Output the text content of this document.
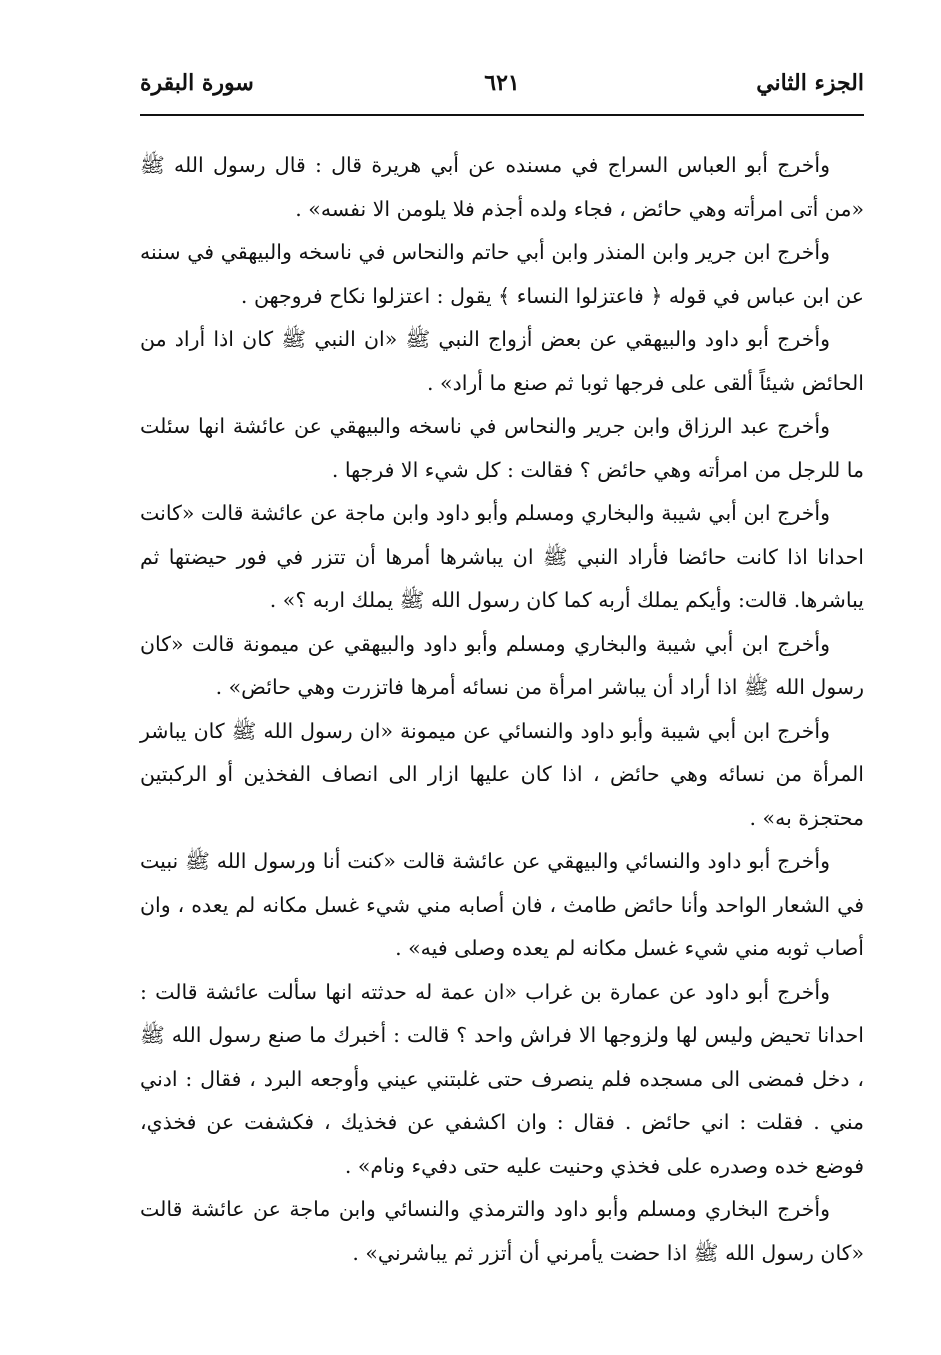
الجزء الثاني
٦٢١
سورة البقرة

وأخرج أبو العباس السراج في مسنده عن أبي هريرة قال : قال رسول الله ﷺ «من أتى امرأته وهي حائض ، فجاء ولده أجذم فلا يلومن الا نفسه» .

وأخرج ابن جرير وابن المنذر وابن أبي حاتم والنحاس في ناسخه والبيهقي في سننه عن ابن عباس في قوله ﴿ فاعتزلوا النساء ﴾ يقول : اعتزلوا نكاح فروجهن .

وأخرج أبو داود والبيهقي عن بعض أزواج النبي ﷺ «ان النبي ﷺ كان اذا أراد من الحائض شيئاً ألقى على فرجها ثوبا ثم صنع ما أراد» .

وأخرج عبد الرزاق وابن جرير والنحاس في ناسخه والبيهقي عن عائشة انها سئلت ما للرجل من امرأته وهي حائض ؟ فقالت : كل شيء الا فرجها .

وأخرج ابن أبي شيبة والبخاري ومسلم وأبو داود وابن ماجة عن عائشة قالت «كانت احدانا اذا كانت حائضا فأراد النبي ﷺ ان يباشرها أمرها أن تتزر في فور حيضتها ثم يباشرها. قالت: وأيكم يملك أربه كما كان رسول الله ﷺ يملك اربه ؟» .

وأخرج ابن أبي شيبة والبخاري ومسلم وأبو داود والبيهقي عن ميمونة قالت «كان رسول الله ﷺ اذا أراد أن يباشر امرأة من نسائه أمرها فاتزرت وهي حائض» .

وأخرج ابن أبي شيبة وأبو داود والنسائي عن ميمونة «ان رسول الله ﷺ كان يباشر المرأة من نسائه وهي حائض ، اذا كان عليها ازار الى انصاف الفخذين أو الركبتين محتجزة به» .

وأخرج أبو داود والنسائي والبيهقي عن عائشة قالت «كنت أنا ورسول الله ﷺ نبيت في الشعار الواحد وأنا حائض طامث ، فان أصابه مني شيء غسل مكانه لم يعده ، وان أصاب ثوبه مني شيء غسل مكانه لم يعده وصلى فيه» .

وأخرج أبو داود عن عمارة بن غراب «ان عمة له حدثته انها سألت عائشة قالت : احدانا تحيض وليس لها ولزوجها الا فراش واحد ؟ قالت : أخبرك ما صنع رسول الله ﷺ ، دخل فمضى الى مسجده فلم ينصرف حتى غلبتني عيني وأوجعه البرد ، فقال : ادني مني . فقلت : اني حائض . فقال : وان اكشفي عن فخذيك ، فكشفت عن فخذي، فوضع خده وصدره على فخذي وحنيت عليه حتى دفيء ونام» .

وأخرج البخاري ومسلم وأبو داود والترمذي والنسائي وابن ماجة عن عائشة قالت «كان رسول الله ﷺ اذا حضت يأمرني أن أتزر ثم يباشرني» .
